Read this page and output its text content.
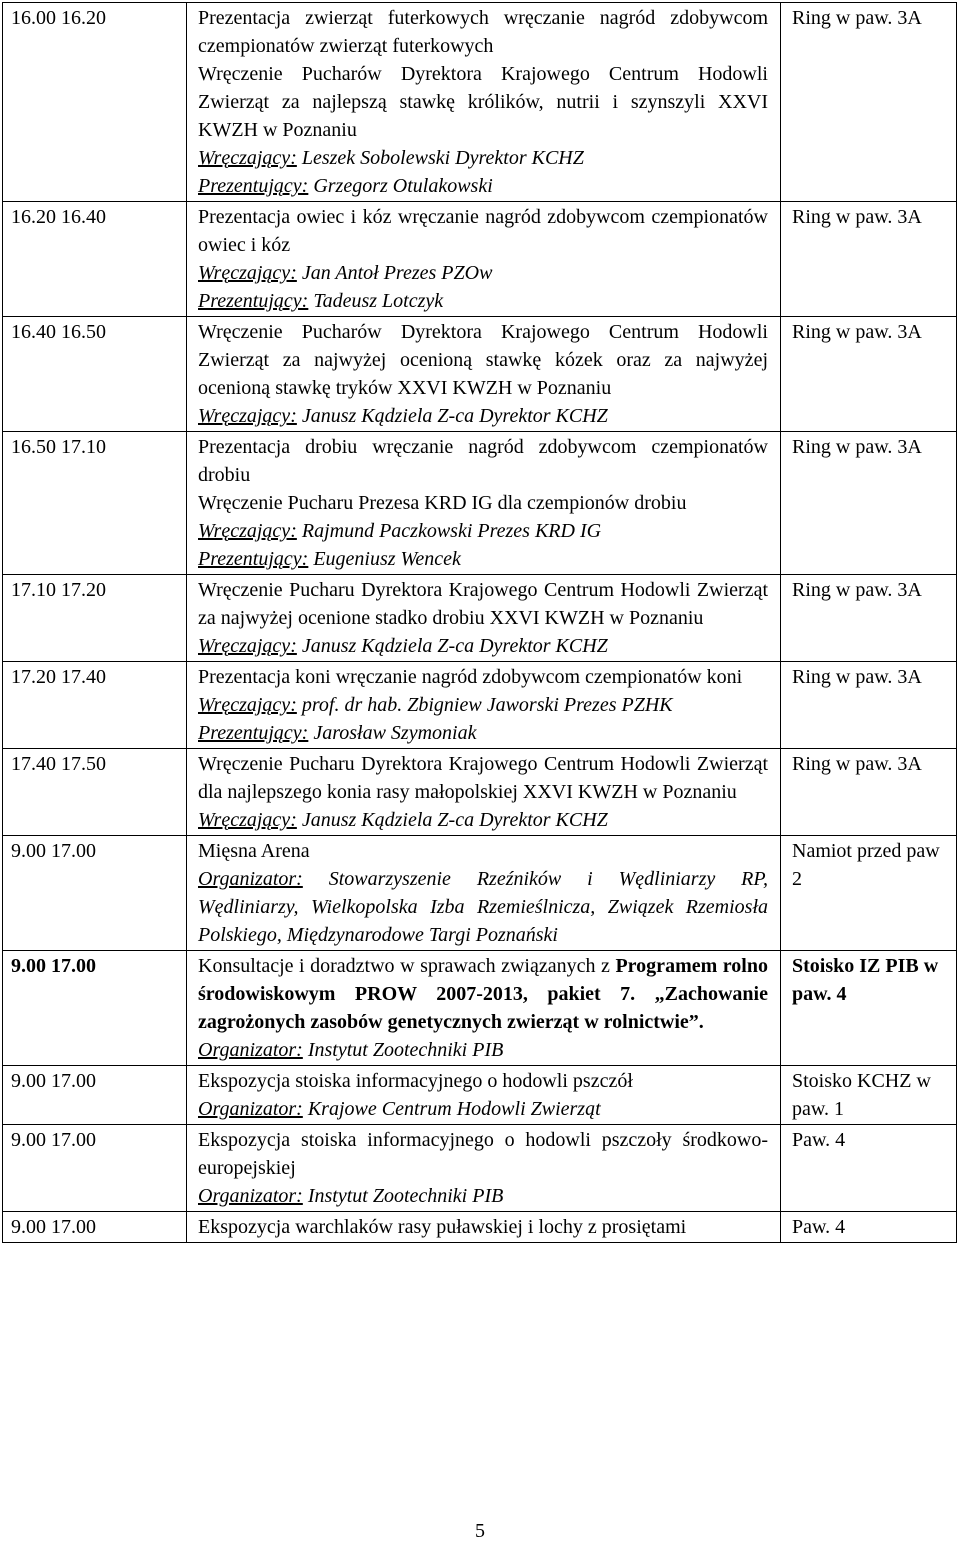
16.00 16.20	Prezentacja zwierząt futerkowych wręczanie nagród zdobywcom czempionatów zwierząt futerkowych
Wręczenie Pucharów Dyrektora Krajowego Centrum Hodowli Zwierząt za najlepszą stawkę królików, nutrii i szynszyli XXVI KWZH w Poznaniu
Wręczający: Leszek Sobolewski Dyrektor KCHZ
Prezentujący: Grzegorz Otulakowski	Ring w paw. 3A
16.20 16.40	Prezentacja owiec i kóz wręczanie nagród zdobywcom czempionatów owiec i kóz
Wręczający: Jan Antoł Prezes PZOw
Prezentujący: Tadeusz Lotczyk	Ring w paw. 3A
16.40 16.50	Wręczenie Pucharów Dyrektora Krajowego Centrum Hodowli Zwierząt za najwyżej ocenioną stawkę kózek oraz za najwyżej ocenioną stawkę tryków XXVI KWZH w Poznaniu
Wręczający: Janusz Kądziela Z-ca Dyrektor KCHZ	Ring w paw. 3A
16.50 17.10	Prezentacja drobiu wręczanie nagród zdobywcom czempionatów drobiu
Wręczenie Pucharu Prezesa KRD IG dla czempionów drobiu
Wręczający: Rajmund Paczkowski Prezes KRD IG
Prezentujący: Eugeniusz Wencek	Ring w paw. 3A
17.10 17.20	Wręczenie Pucharu Dyrektora Krajowego Centrum Hodowli Zwierząt za najwyżej ocenione stadko drobiu XXVI KWZH w Poznaniu
Wręczający: Janusz Kądziela Z-ca Dyrektor KCHZ	Ring w paw. 3A
17.20 17.40	Prezentacja koni wręczanie nagród zdobywcom czempionatów koni
Wręczający: prof. dr hab. Zbigniew Jaworski Prezes PZHK
Prezentujący: Jarosław Szymoniak	Ring w paw. 3A
17.40 17.50	Wręczenie Pucharu Dyrektora Krajowego Centrum Hodowli Zwierząt dla najlepszego konia rasy małopolskiej XXVI KWZH w Poznaniu
Wręczający: Janusz Kądziela Z-ca Dyrektor KCHZ	Ring w paw. 3A
9.00 17.00	Mięsna Arena
Organizator: Stowarzyszenie Rzeźników i Wędliniarzy RP, Wędliniarzy, Wielkopolska Izba Rzemieślnicza, Związek Rzemiosła Polskiego, Międzynarodowe Targi Poznański	Namiot przed paw 2
9.00 17.00	Konsultacje i doradztwo w sprawach związanych z Programem rolno środowiskowym PROW 2007-2013, pakiet 7. „Zachowanie zagrożonych zasobów genetycznych zwierząt w rolnictwie”.
Organizator: Instytut Zootechniki PIB	Stoisko IZ PIB w paw. 4
9.00 17.00	Ekspozycja stoiska informacyjnego o hodowli pszczół
Organizator: Krajowe Centrum Hodowli Zwierząt	Stoisko KCHZ w paw. 1
9.00 17.00	Ekspozycja stoiska informacyjnego o hodowli pszczoły środkowo-europejskiej
Organizator: Instytut Zootechniki PIB	Paw. 4
9.00 17.00	Ekspozycja warchlaków rasy puławskiej i lochy z prosiętami	Paw. 4
5
